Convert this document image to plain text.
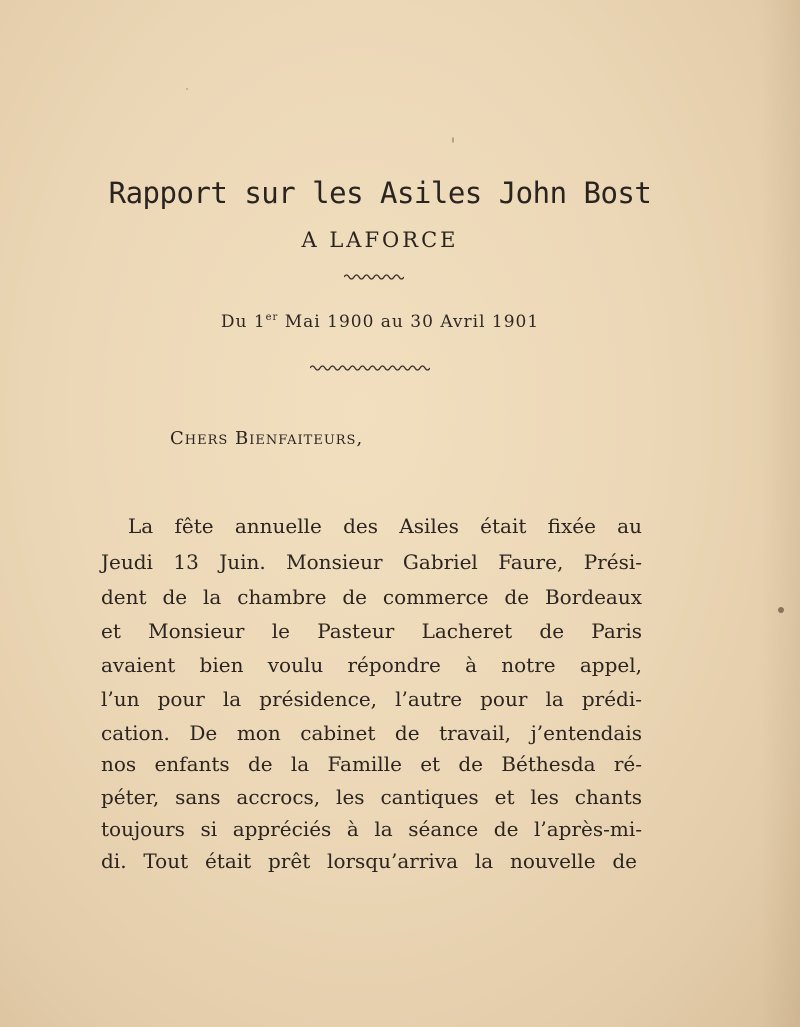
Rapport sur les Asiles John Bost
A LAFORCE
Du 1er Mai 1900 au 30 Avril 1901
Chers Bienfaiteurs,
La fête annuelle des Asiles était fixée au
Jeudi 13 Juin. Monsieur Gabriel Faure, Prési-
dent de la chambre de commerce de Bordeaux
et Monsieur le Pasteur Lacheret de Paris
avaient bien voulu répondre à notre appel,
l’un pour la présidence, l’autre pour la prédi-
cation. De mon cabinet de travail, j’entendais
nos enfants de la Famille et de Béthesda ré-
péter, sans accrocs, les cantiques et les chants
toujours si appréciés à la séance de l’après-mi-
di. Tout était prêt lorsqu’arriva la nouvelle de
